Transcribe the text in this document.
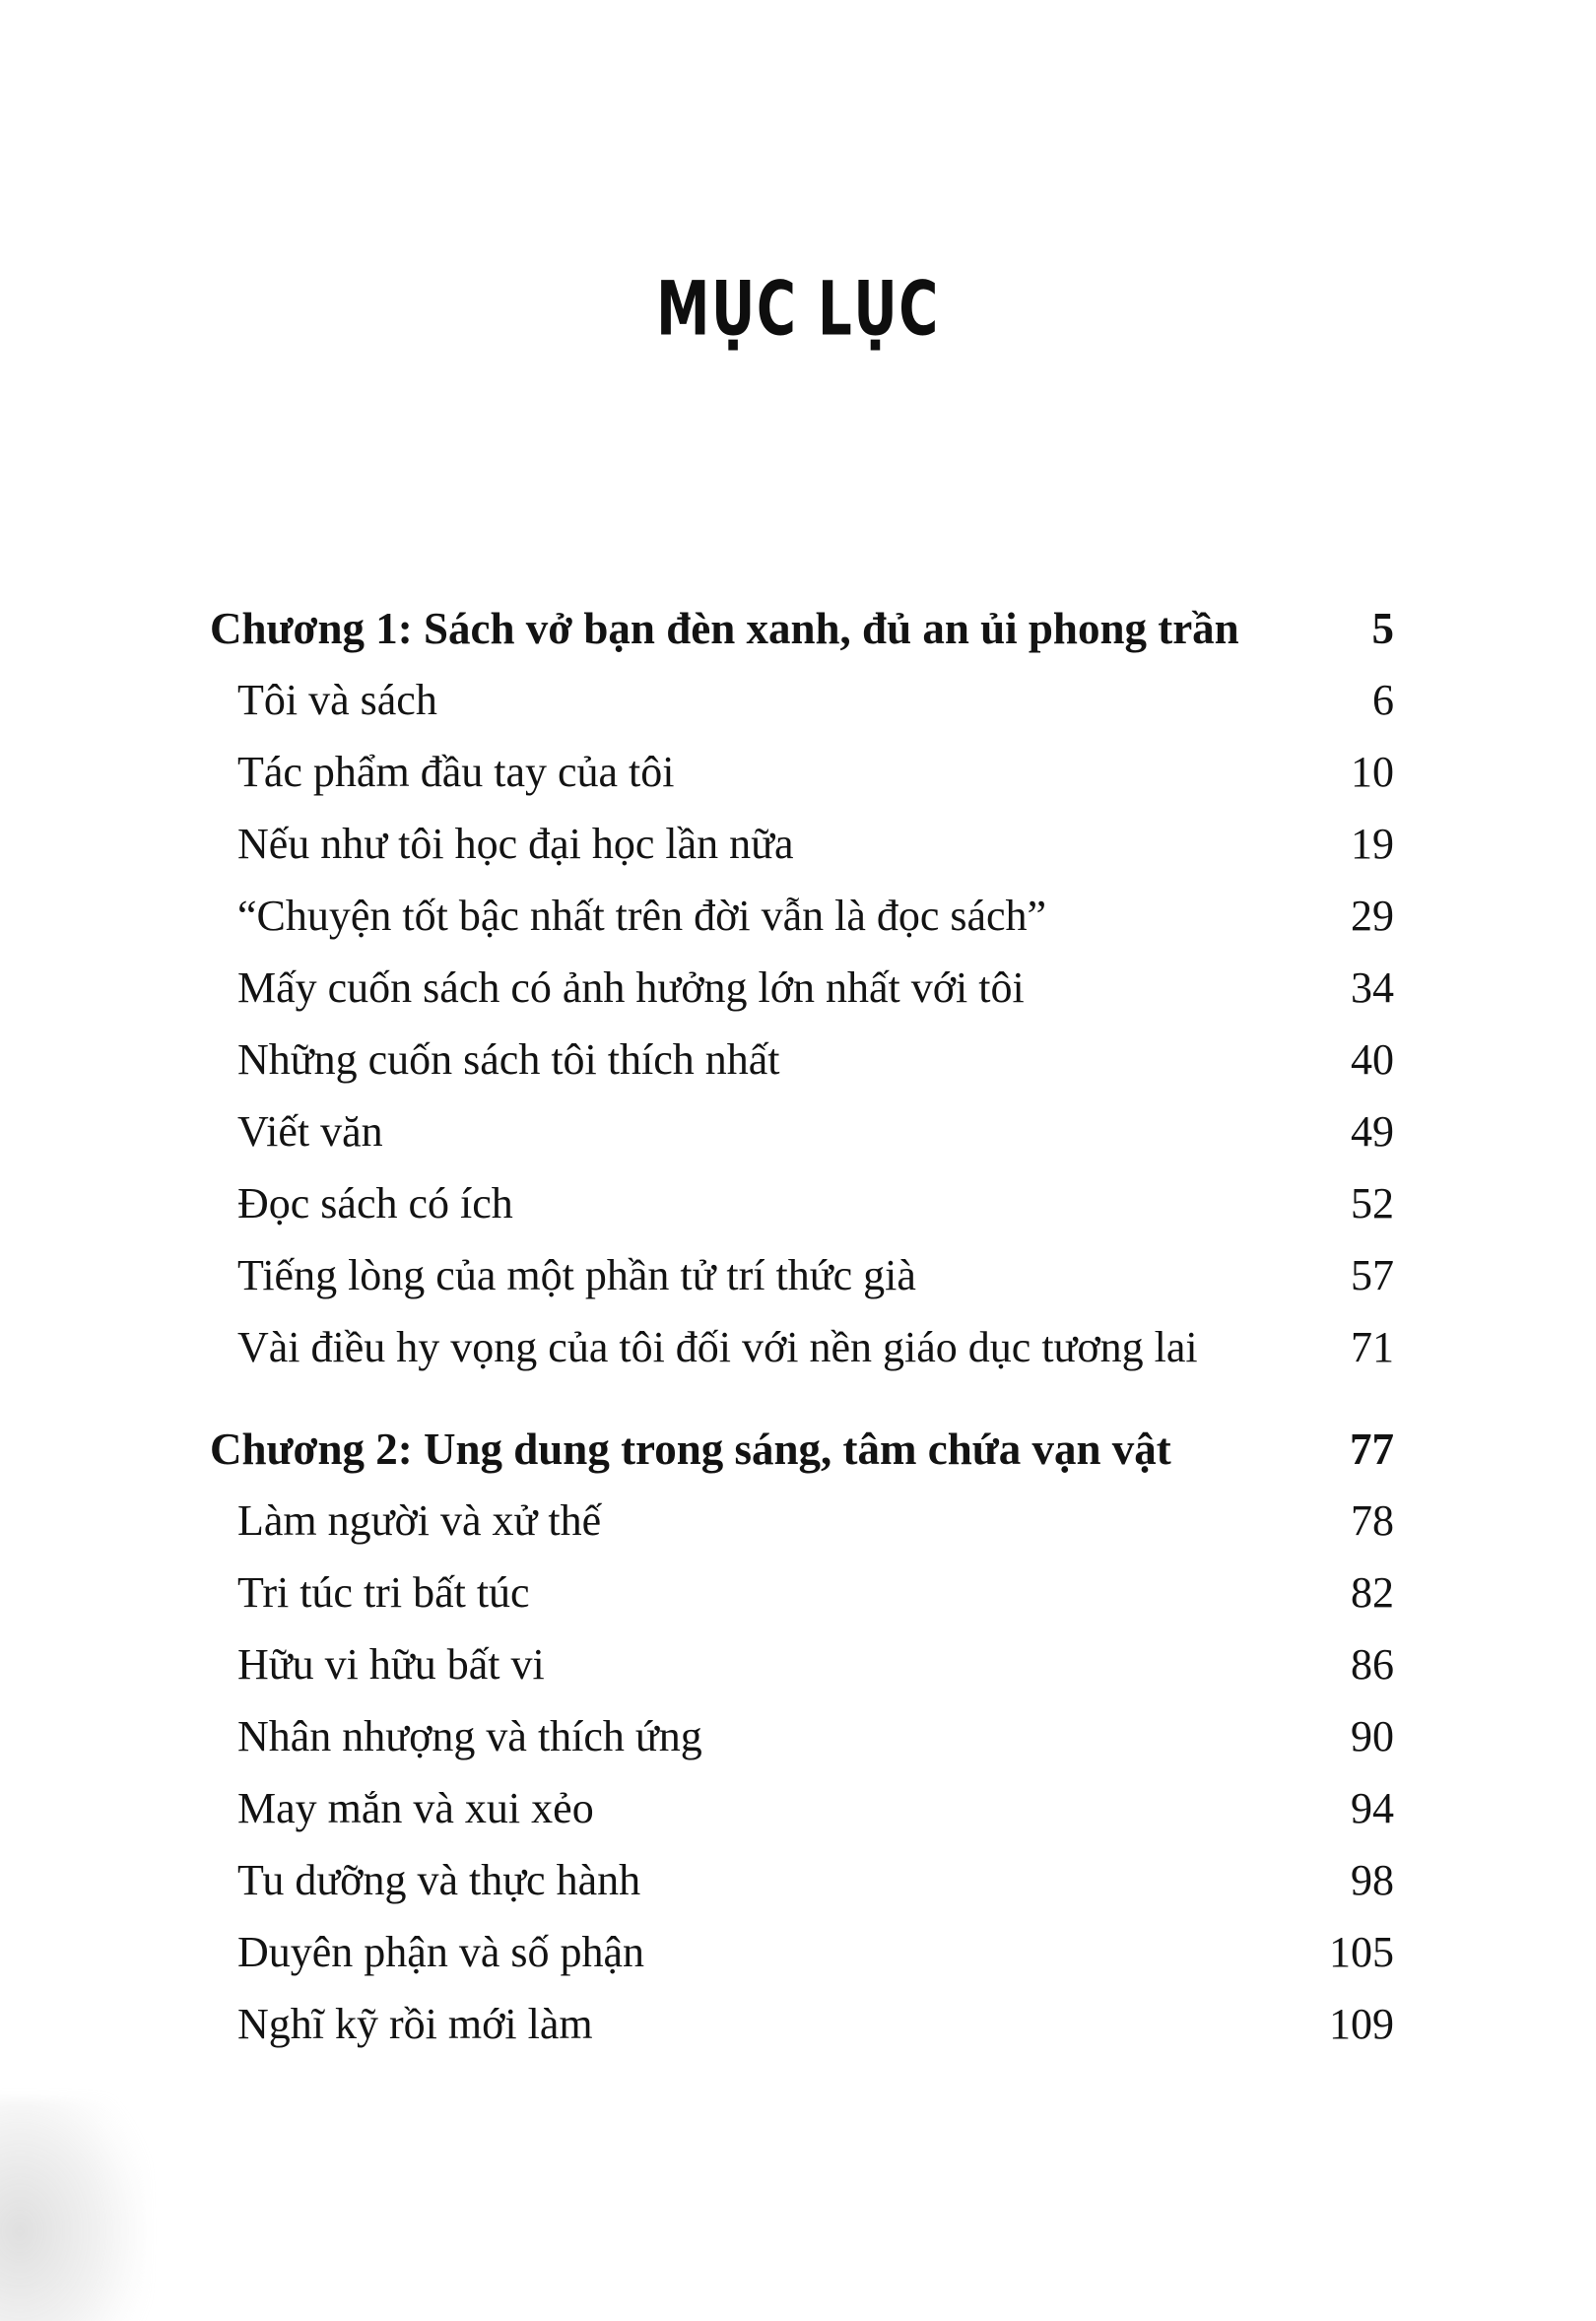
MỤC LỤC
Chương 1: Sách vở bạn đèn xanh, đủ an ủi phong trần	5
Tôi và sách	6
Tác phẩm đầu tay của tôi	10
Nếu như tôi học đại học lần nữa	19
“Chuyện tốt bậc nhất trên đời vẫn là đọc sách”	29
Mấy cuốn sách có ảnh hưởng lớn nhất với tôi	34
Những cuốn sách tôi thích nhất	40
Viết văn	49
Đọc sách có ích	52
Tiếng lòng của một phần tử trí thức già	57
Vài điều hy vọng của tôi đối với nền giáo dục tương lai	71
Chương 2: Ung dung trong sáng, tâm chứa vạn vật	77
Làm người và xử thế	78
Tri túc tri bất túc	82
Hữu vi hữu bất vi	86
Nhân nhượng và thích ứng	90
May mắn và xui xẻo	94
Tu dưỡng và thực hành	98
Duyên phận và số phận	105
Nghĩ kỹ rồi mới làm	109
